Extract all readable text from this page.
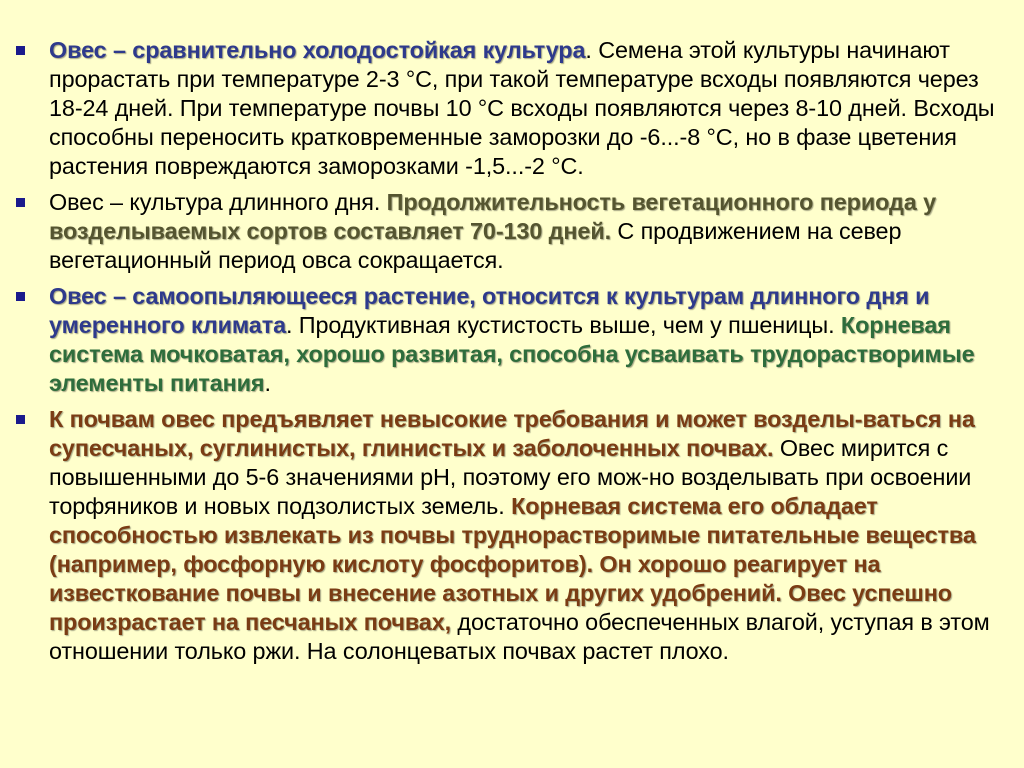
Овес – сравнительно холодостойкая культура. Семена этой культуры начинают прорастать при температуре 2-3 °С, при такой температуре всходы появляются через 18-24 дней. При температуре почвы 10 °С всходы появляются через 8-10 дней. Всходы способны переносить кратковременные заморозки до -6...-8 °С, но в фазе цветения растения повреждаются заморозками -1,5...-2 °С.
Овес – культура длинного дня. Продолжительность вегетационного периода у возделываемых сортов составляет 70-130 дней. С продвижением на север вегетационный период овса сокращается.
Овес – самоопыляющееся растение, относится к культурам длинного дня и умеренного климата. Продуктивная кустистость выше, чем у пшеницы. Корневая система мочковатая, хорошо развитая, способна усваивать трудорастворимые элементы питания.
К почвам овес предъявляет невысокие требования и может возделы-ваться на супесчаных, суглинистых, глинистых и заболоченных почвах. Овес мирится с повышенными до 5-6 значениями рН, поэтому его мож-но возделывать при освоении торфяников и новых подзолистых земель. Корневая система его обладает способностью извлекать из почвы труднорастворимые питательные вещества (например, фосфорную кислоту фосфоритов). Он хорошо реагирует на известкование почвы и внесение азотных и других удобрений. Овес успешно произрастает на песчаных почвах, достаточно обеспеченных влагой, уступая в этом отношении только ржи. На солонцеватых почвах растет плохо.
